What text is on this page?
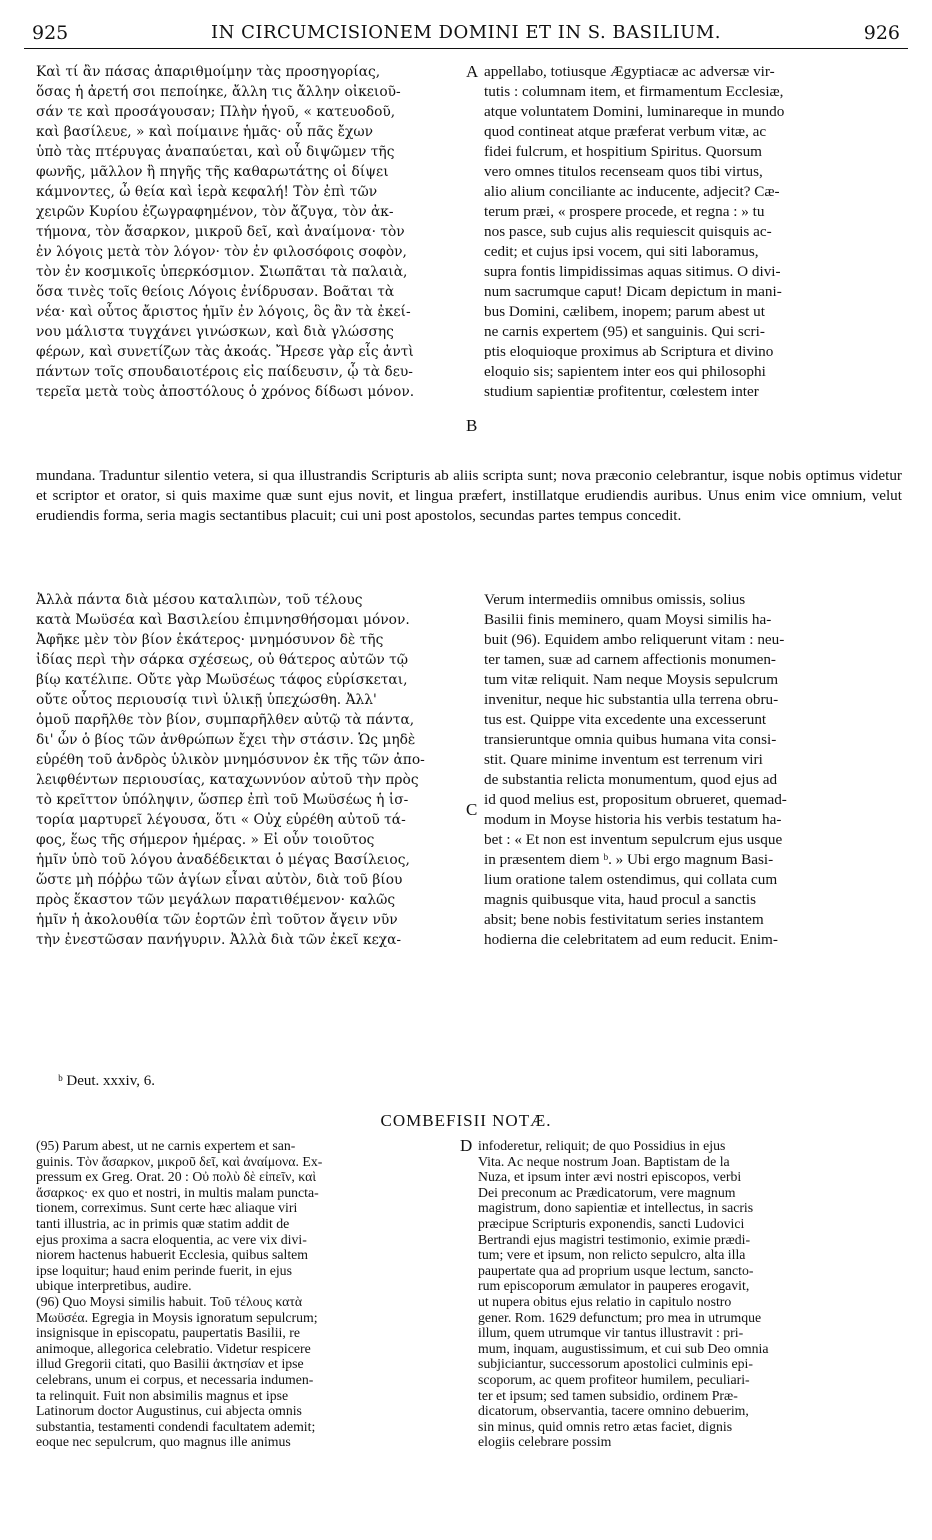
925	IN CIRCUMCISIONEM DOMINI ET IN S. BASILIUM.	926

Καὶ τί ἂν πάσας ἀπαριθμοίμην τὰς προσηγορίας,

ὅσας ἡ ἀρετή σοι πεποίηκε, ἄλλη τις ἄλλην οἰκειοῦ-

σάν τε καὶ προσάγουσαν; Πλὴν ἡγοῦ, « κατευοδοῦ,

καὶ βασίλευε, » καὶ ποίμαινε ἡμᾶς· οὗ πᾶς ἔχων

ὑπὸ τὰς πτέρυγας ἀναπαύεται, καὶ οὗ διψῶμεν τῆς

φωνῆς, μᾶλλον ἢ πηγῆς τῆς καθαρωτάτης οἱ δίψει

κάμνοντες, ὦ θεία καὶ ἱερὰ κεφαλή! Τὸν ἐπὶ τῶν

χειρῶν Κυρίου ἐζωγραφημένον, τὸν ἄζυγα, τὸν ἀκ-

τήμονα, τὸν ἄσαρκον, μικροῦ δεῖ, καὶ ἀναίμονα· τὸν

ἐν λόγοις μετὰ τὸν λόγον· τὸν ἐν φιλοσόφοις σοφὸν,

τὸν ἐν κοσμικοῖς ὑπερκόσμιον. Σιωπᾶται τὰ παλαιὰ,

ὅσα τινὲς τοῖς θείοις Λόγοις ἐνίδρυσαν. Βοᾶται τὰ

νέα· καὶ οὗτος ἄριστος ἡμῖν ἐν λόγοις, ὃς ἂν τὰ ἐκεί-

νου μάλιστα τυγχάνει γινώσκων, καὶ διὰ γλώσσης

φέρων, καὶ συνετίζων τὰς ἀκοάς. Ἤρεσε γὰρ εἷς ἀντὶ

πάντων τοῖς σπουδαιοτέροις εἰς παίδευσιν, ᾧ τὰ δευ-

τερεῖα μετὰ τοὺς ἀποστόλους ὁ χρόνος δίδωσι μόνον.

A
B

appellabo, totiusque Ægyptiacæ ac adversæ vir-

tutis : columnam item, et firmamentum Ecclesiæ,

atque voluntatem Domini, luminareque in mundo

quod contineat atque præferat verbum vitæ, ac

fidei fulcrum, et hospitium Spiritus. Quorsum

vero omnes titulos recenseam quos tibi virtus,

alio alium conciliante ac inducente, adjecit? Cæ-

terum præi, « prospere procede, et regna : » tu

nos pasce, sub cujus alis requiescit quisquis ac-

cedit; et cujus ipsi vocem, qui siti laboramus,

supra fontis limpidissimas aquas sitimus. O divi-

num sacrumque caput! Dicam depictum in mani-

bus Domini, cælibem, inopem; parum abest ut

ne carnis expertem (95) et sanguinis. Qui scri-

ptis eloquioque proximus ab Scriptura et divino

eloquio sis; sapientem inter eos qui philosophi

studium sapientiæ profitentur, cœlestem inter

mundana. Traduntur silentio vetera, si qua illustrandis Scripturis ab aliis scripta sunt; nova præconio celebrantur, isque nobis optimus videtur et scriptor et orator, si quis maxime quæ sunt ejus novit, et lingua præfert, instillatque erudiendis auribus. Unus enim vice omnium, velut erudiendis forma, seria magis sectantibus placuit; cui uni post apostolos, secundas partes tempus concedit.

Ἀλλὰ πάντα διὰ μέσου καταλιπὼν, τοῦ τέλους

κατὰ Μωϋσέα καὶ Βασιλείου ἐπιμνησθήσομαι μόνον.

Ἀφῆκε μὲν τὸν βίον ἑκάτερος· μνημόσυνον δὲ τῆς

ἰδίας περὶ τὴν σάρκα σχέσεως, οὐ θάτερος αὐτῶν τῷ

βίῳ κατέλιπε. Οὔτε γὰρ Μωϋσέως τάφος εὑρίσκεται,

οὔτε οὗτος περιουσίᾳ τινὶ ὑλικῇ ὑπεχώσθη. Ἀλλ'

ὁμοῦ παρῆλθε τὸν βίον, συμπαρῆλθεν αὐτῷ τὰ πάντα,

δι' ὧν ὁ βίος τῶν ἀνθρώπων ἔχει τὴν στάσιν. Ὡς μηδὲ

εὑρέθη τοῦ ἀνδρὸς ὑλικὸν μνημόσυνον ἐκ τῆς τῶν ἀπο-

λειφθέντων περιουσίας, καταχωννύον αὐτοῦ τὴν πρὸς

τὸ κρεῖττον ὑπόληψιν, ὥσπερ ἐπὶ τοῦ Μωϋσέως ἡ ἱσ-

τορία μαρτυρεῖ λέγουσα, ὅτι « Οὐχ εὑρέθη αὐτοῦ τά-

φος, ἕως τῆς σήμερον ἡμέρας. » Εἰ οὖν τοιοῦτος

ἡμῖν ὑπὸ τοῦ λόγου ἀναδέδεικται ὁ μέγας Βασίλειος,

ὥστε μὴ πόῤῥω τῶν ἁγίων εἶναι αὐτὸν, διὰ τοῦ βίου

πρὸς ἕκαστον τῶν μεγάλων παρατιθέμενον· καλῶς

ἡμῖν ἡ ἀκολουθία τῶν ἑορτῶν ἐπὶ τοῦτον ἄγειν νῦν

τὴν ἐνεστῶσαν πανήγυριν. Ἀλλὰ διὰ τῶν ἐκεῖ κεχα-

C

Verum intermediis omnibus omissis, solius

Basilii finis meminero, quam Moysi similis ha-

buit (96). Equidem ambo reliquerunt vitam : neu-

ter tamen, suæ ad carnem affectionis monumen-

tum vitæ reliquit. Nam neque Moysis sepulcrum

invenitur, neque hic substantia ulla terrena obru-

tus est. Quippe vita excedente una excesserunt

transieruntque omnia quibus humana vita consi-

stit. Quare minime inventum est terrenum viri

de substantia relicta monumentum, quod ejus ad

id quod melius est, propositum obrueret, quemad-

modum in Moyse historia his verbis testatum ha-

bet : « Et non est inventum sepulcrum ejus usque

in præsentem diem ᵇ. » Ubi ergo magnum Basi-

lium oratione talem ostendimus, qui collata cum

magnis quibusque vita, haud procul a sanctis

absit; bene nobis festivitatum series instantem

hodierna die celebritatem ad eum reducit. Enim-

ᵇ Deut. xxxiv, 6.
COMBEFISII NOTÆ.

(95) Parum abest, ut ne carnis expertem et san-

guinis. Τὸν ἄσαρκον, μικροῦ δεῖ, καὶ ἀναίμονα. Ex-

pressum ex Greg. Orat. 20 : Οὐ πολὺ δὲ εἰπεῖν, καὶ

ἄσαρκος· ex quo et nostri, in multis malam puncta-

tionem, correximus. Sunt certe hæc aliaque viri

tanti illustria, ac in primis quæ statim addit de

ejus proxima a sacra eloquentia, ac vere vix divi-

niorem hactenus habuerit Ecclesia, quibus saltem

ipse loquitur; haud enim perinde fuerit, in ejus

ubique interpretibus, audire.

(96) Quo Moysi similis habuit. Τοῦ τέλους κατὰ

Μωϋσέα. Egregia in Moysis ignoratum sepulcrum;

insignisque in episcopatu, paupertatis Basilii, re

animoque, allegorica celebratio. Videtur respicere

illud Gregorii citati, quo Basilii ἀκτησίαν et ipse

celebrans, unum ei corpus, et necessaria indumen-

ta relinquit. Fuit non absimilis magnus et ipse

Latinorum doctor Augustinus, cui abjecta omnis

substantia, testamenti condendi facultatem ademit;

eoque nec sepulcrum, quo magnus ille animus

D infoderetur, reliquit; de quo Possidius in ejus

Vita. Ac neque nostrum Joan. Baptistam de la

Nuza, et ipsum inter ævi nostri episcopos, verbi

Dei preconum ac Prædicatorum, vere magnum

magistrum, dono sapientiæ et intellectus, in sacris

præcipue Scripturis exponendis, sancti Ludovici

Bertrandi ejus magistri testimonio, eximie prædi-

tum; vere et ipsum, non relicto sepulcro, alta illa

paupertate qua ad proprium usque lectum, sancto-

rum episcoporum æmulator in pauperes erogavit,

ut nupera obitus ejus relatio in capitulo nostro

gener. Rom. 1629 defunctum; pro mea in utrumque

illum, quem utrumque vir tantus illustravit : pri-

mum, inquam, augustissimum, et cui sub Deo omnia

subjiciantur, successorum apostolici culminis epi-

scoporum, ac quem profiteor humilem, peculiari-

ter et ipsum; sed tamen subsidio, ordinem Præ-

dicatorum, observantia, tacere omnino debuerim,

sin minus, quid omnis retro ætas faciet, dignis

elogiis celebrare possim
